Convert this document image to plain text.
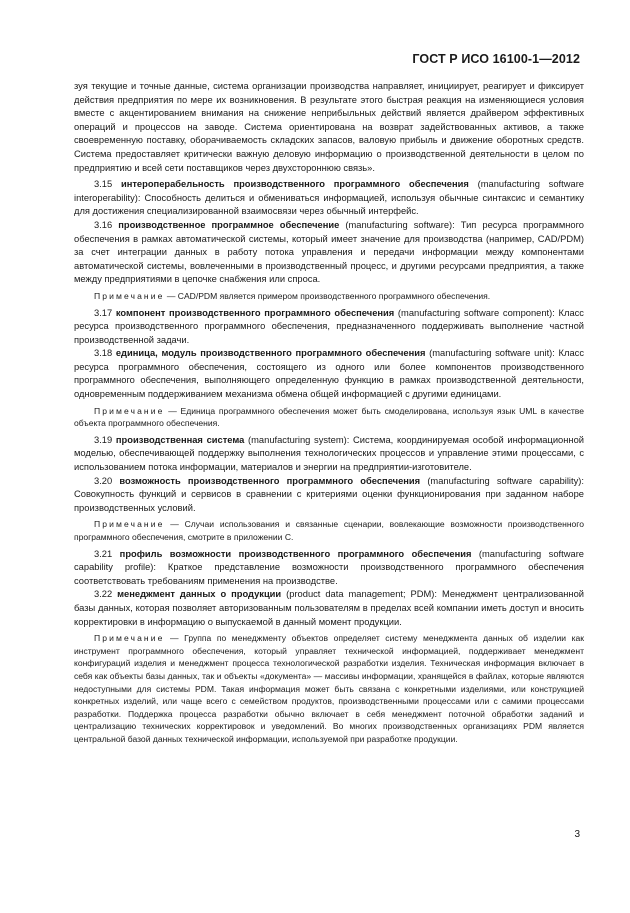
ГОСТ Р ИСО 16100-1—2012

зуя текущие и точные данные, система организации производства направляет, инициирует, реагирует и фиксирует действия предприятия по мере их возникновения. В результате этого быстрая реакция на изменяющиеся условия вместе с акцентированием внимания на снижение неприбыльных действий является драйвером эффективных операций и процессов на заводе. Система ориентирована на возврат задействованных активов, а также своевременную поставку, оборачиваемость складских запасов, валовую прибыль и движение оборотных средств. Система предоставляет критически важную деловую информацию о производственной деятельности в целом по предприятию и всей сети поставщиков через двухстороннюю связь».

3.15 интероперабельность производственного программного обеспечения (manufacturing software interoperability): Способность делиться и обмениваться информацией, используя обычные синтаксис и семантику для достижения специализированной взаимосвязи через обычный интерфейс.

3.16 производственное программное обеспечение (manufacturing software): Тип ресурса программного обеспечения в рамках автоматической системы, который имеет значение для производства (например, CAD/PDM) за счет интеграции данных в работу потока управления и передачи информации между компонентами автоматической системы, вовлеченными в производственный процесс, и другими ресурсами предприятия, а также между предприятиями в цепочке снабжения или спроса.

Примечание — CAD/PDM является примером производственного программного обеспечения.

3.17 компонент производственного программного обеспечения (manufacturing software component): Класс ресурса производственного программного обеспечения, предназначенного поддерживать выполнение частной производственной задачи.

3.18 единица, модуль производственного программного обеспечения (manufacturing software unit): Класс ресурса программного обеспечения, состоящего из одного или более компонентов производственного программного обеспечения, выполняющего определенную функцию в рамках производственной деятельности, одновременным поддерживанием механизма обмена общей информацией с другими единицами.

Примечание — Единица программного обеспечения может быть смоделирована, используя язык UML в качестве объекта программного обеспечения.

3.19 производственная система (manufacturing system): Система, координируемая особой информационной моделью, обеспечивающей поддержку выполнения технологических процессов и управление этими процессами, с использованием потока информации, материалов и энергии на предприятии-изготовителе.

3.20 возможность производственного программного обеспечения (manufacturing software capability): Совокупность функций и сервисов в сравнении с критериями оценки функционирования при заданном наборе производственных условий.

Примечание — Случаи использования и связанные сценарии, вовлекающие возможности производственного программного обеспечения, смотрите в приложении С.

3.21 профиль возможности производственного программного обеспечения (manufacturing software capability profile): Краткое представление возможности производственного программного обеспечения соответствовать требованиям применения на производстве.

3.22 менеджмент данных о продукции (product data management; PDM): Менеджмент централизованной базы данных, которая позволяет авторизованным пользователям в пределах всей компании иметь доступ и вносить корректировки в информацию о выпускаемой в данный момент продукции.

Примечание — Группа по менеджменту объектов определяет систему менеджмента данных об изделии как инструмент программного обеспечения, который управляет технической информацией, поддерживает менеджмент конфигураций изделия и менеджмент процесса технологической разработки изделия. Техническая информация включает в себя как объекты базы данных, так и объекты «документа» — массивы информации, хранящейся в файлах, которые являются недоступными для системы PDM. Такая информация может быть связана с конкретными изделиями, или конструкцией конкретных изделий, или чаще всего с семейством продуктов, производственными процессами или с самими процессами разработки. Поддержка процесса разработки обычно включает в себя менеджмент поточной обработки заданий и централизацию технических корректировок и уведомлений. Во многих производственных организациях PDM является центральной базой данных технической информации, используемой при разработке продукции.

3
